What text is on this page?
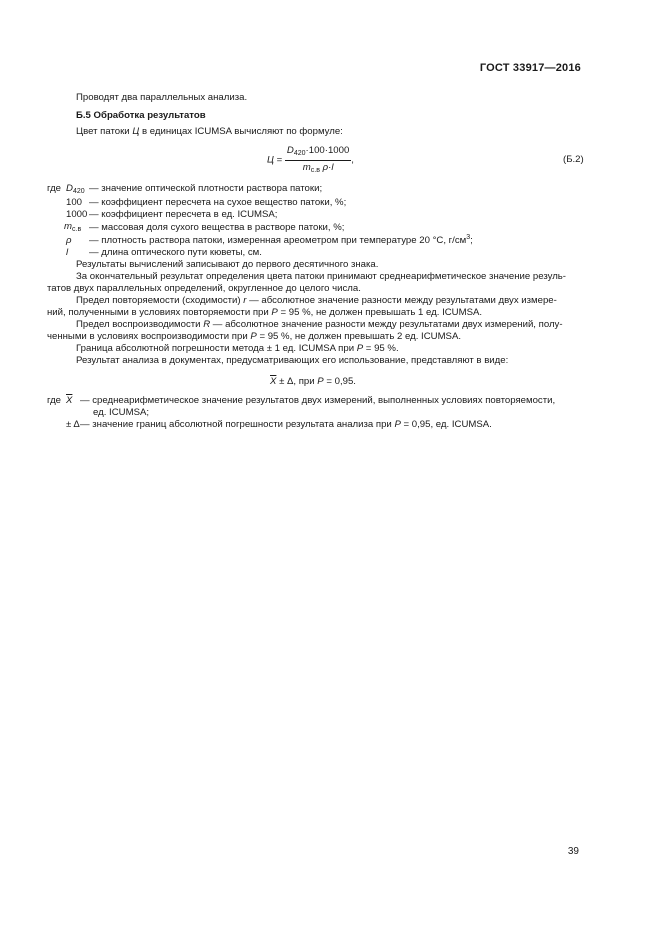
ГОСТ 33917—2016
Проводят два параллельных анализа.
Б.5 Обработка результатов
Цвет патоки Ц в единицах ICUMSA вычисляют по формуле:
$Ц = \frac{D_{420}\cdot 100\cdot 1000}{m_{с.в} \rho\cdot l}$ ,	(Б.2)
где $D_{420}$ — значение оптической плотности раствора патоки;
100 — коэффициент пересчета на сухое вещество патоки, %;
1000 — коэффициент пересчета в ед. ICUMSA;
$m_{с.в}$ — массовая доля сухого вещества в растворе патоки, %;
ρ — плотность раствора патоки, измеренная ареометром при температуре 20 °С, $г/см^3$;
l — длина оптического пути кюветы, см.
Результаты вычислений записывают до первого десятичного знака.
За окончательный результат определения цвета патоки принимают среднеарифметическое значение резуль-
татов двух параллельных определений, округленное до целого числа.
Предел повторяемости (сходимости) r — абсолютное значение разности между результатами двух измере-
ний, полученными в условиях повторяемости при P = 95 %, не должен превышать 1 ед. ICUMSA.
Предел воспроизводимости R — абсолютное значение разности между результатами двух измерений, полу-
ченными в условиях воспроизводимости при P = 95 %, не должен превышать 2 ед. ICUMSA.
Граница абсолютной погрешности метода ± 1 ед. ICUMSA при P = 95 %.
Результат анализа в документах, предусматривающих его использование, представляют в виде:
$\overline{X} \pm \Delta$, при P = 0,95.
где $\overline{X}$ — среднеарифметическое значение результатов двух измерений, выполненных условиях повторяемости,
ед. ICUMSA;
± Δ — значение границ абсолютной погрешности результата анализа при P = 0,95, ед. ICUMSA.
39
